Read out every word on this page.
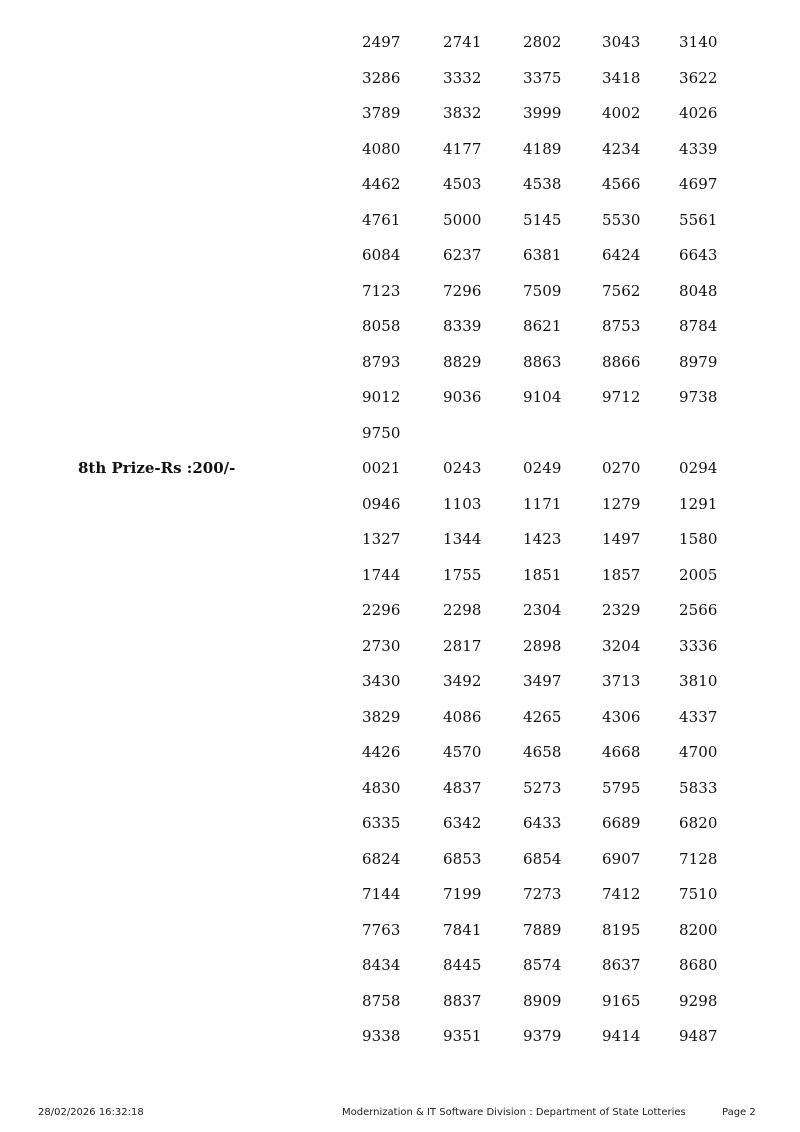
2497	2741	2802	3043	3140
3286	3332	3375	3418	3622
3789	3832	3999	4002	4026
4080	4177	4189	4234	4339
4462	4503	4538	4566	4697
4761	5000	5145	5530	5561
6084	6237	6381	6424	6643
7123	7296	7509	7562	8048
8058	8339	8621	8753	8784
8793	8829	8863	8866	8979
9012	9036	9104	9712	9738
9750
8th Prize-Rs :200/-	0021	0243	0249	0270	0294
0946	1103	1171	1279	1291
1327	1344	1423	1497	1580
1744	1755	1851	1857	2005
2296	2298	2304	2329	2566
2730	2817	2898	3204	3336
3430	3492	3497	3713	3810
3829	4086	4265	4306	4337
4426	4570	4658	4668	4700
4830	4837	5273	5795	5833
6335	6342	6433	6689	6820
6824	6853	6854	6907	7128
7144	7199	7273	7412	7510
7763	7841	7889	8195	8200
8434	8445	8574	8637	8680
8758	8837	8909	9165	9298
9338	9351	9379	9414	9487
28/02/2026 16:32:18	Modernization & IT Software Division : Department of State Lotteries	Page 2
